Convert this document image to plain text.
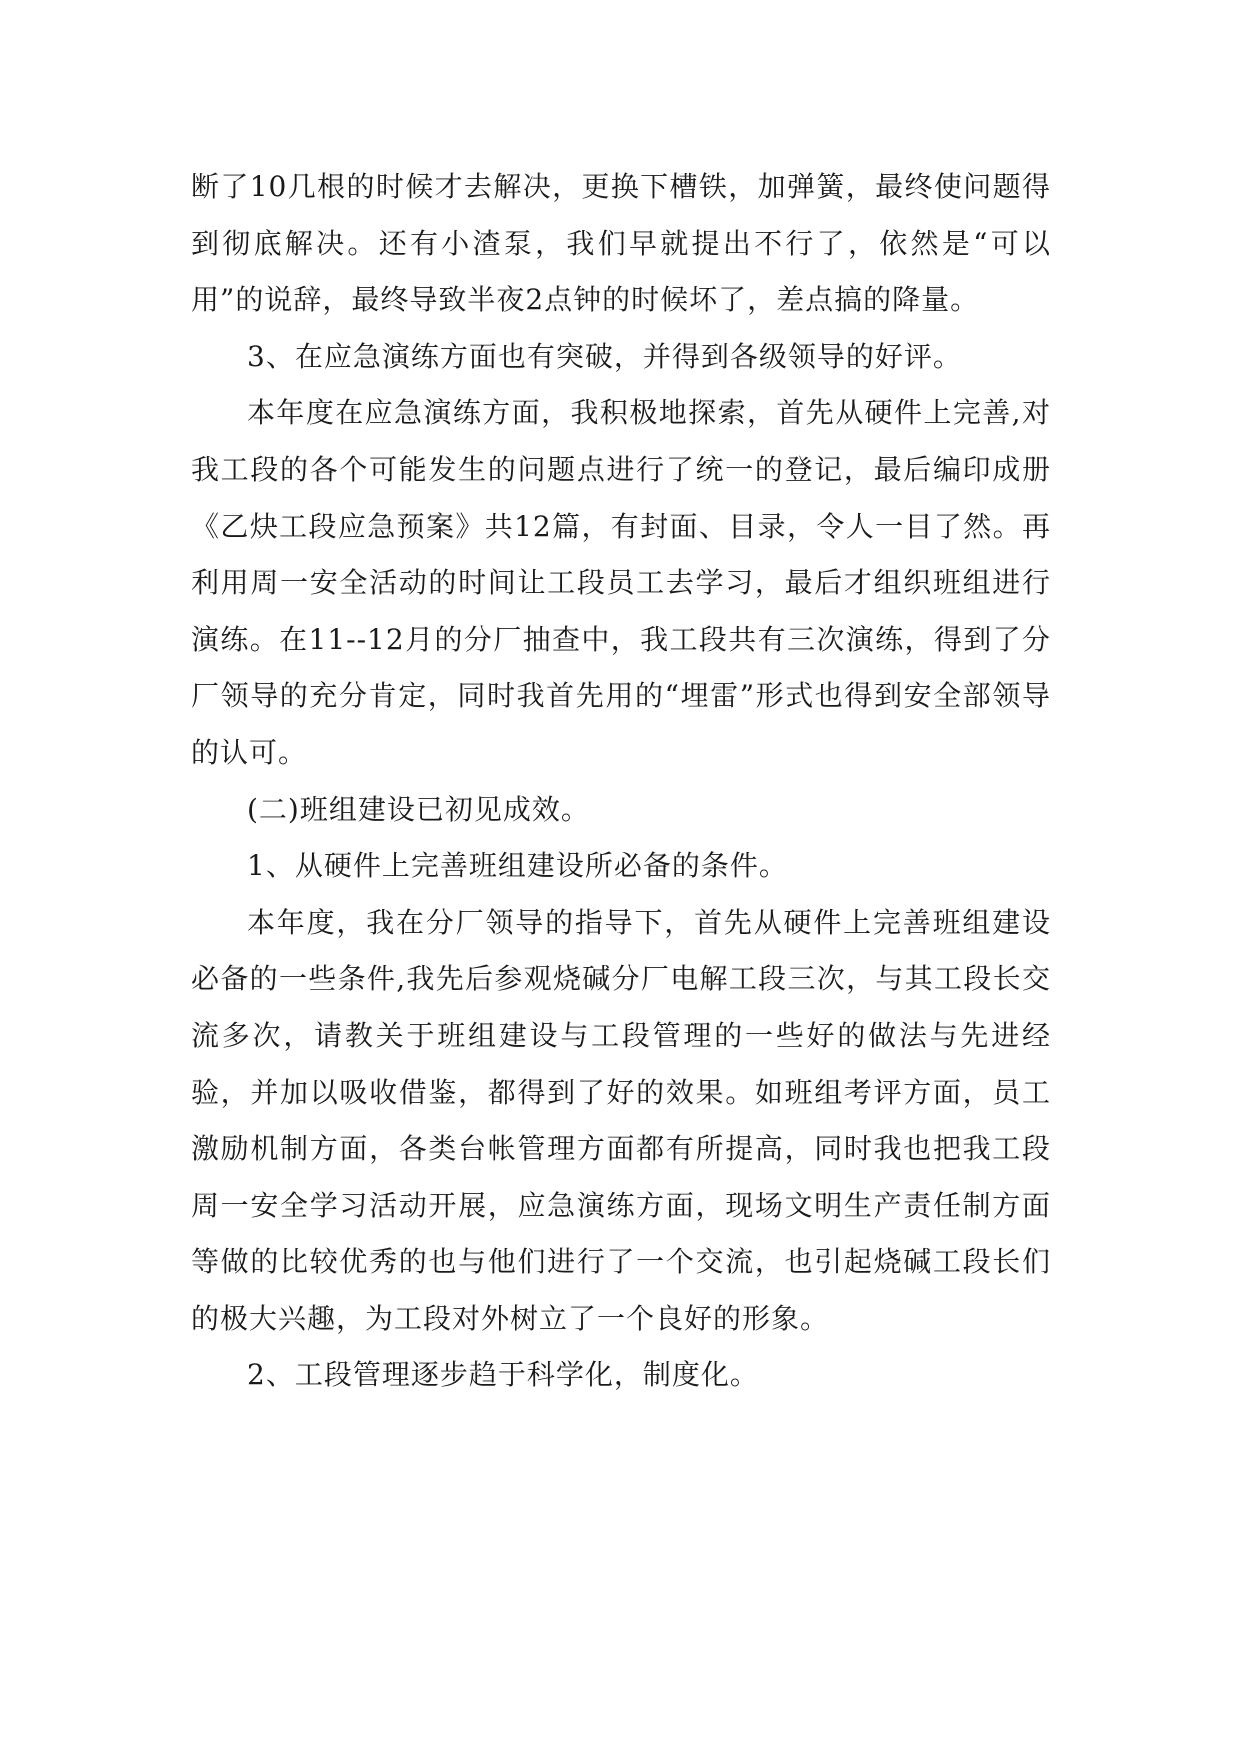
断了10几根的时候才去解决，更换下槽铁，加弹簧，最终使问题得到彻底解决。还有小渣泵，我们早就提出不行了，依然是“可以用”的说辞，最终导致半夜2点钟的时候坏了，差点搞的降量。

3、在应急演练方面也有突破，并得到各级领导的好评。

本年度在应急演练方面，我积极地探索，首先从硬件上完善,对我工段的各个可能发生的问题点进行了统一的登记，最后编印成册《乙炔工段应急预案》共12篇，有封面、目录，令人一目了然。再利用周一安全活动的时间让工段员工去学习，最后才组织班组进行演练。在11--12月的分厂抽查中，我工段共有三次演练，得到了分厂领导的充分肯定，同时我首先用的“埋雷”形式也得到安全部领导的认可。

(二)班组建设已初见成效。

1、从硬件上完善班组建设所必备的条件。

本年度，我在分厂领导的指导下，首先从硬件上完善班组建设必备的一些条件,我先后参观烧碱分厂电解工段三次，与其工段长交流多次，请教关于班组建设与工段管理的一些好的做法与先进经验，并加以吸收借鉴，都得到了好的效果。如班组考评方面，员工激励机制方面，各类台帐管理方面都有所提高，同时我也把我工段周一安全学习活动开展，应急演练方面，现场文明生产责任制方面等做的比较优秀的也与他们进行了一个交流，也引起烧碱工段长们的极大兴趣，为工段对外树立了一个良好的形象。

2、工段管理逐步趋于科学化，制度化。
